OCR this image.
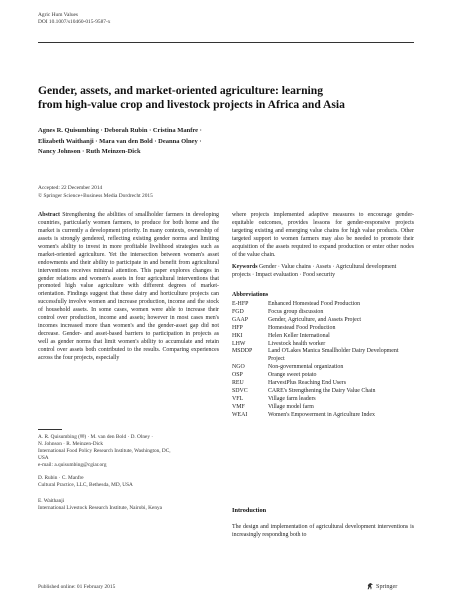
Agric Hum Values
DOI 10.1007/s10460-015-9587-x
Gender, assets, and market-oriented agriculture: learning
from high-value crop and livestock projects in Africa and Asia
Agnes R. Quisumbing · Deborah Rubin · Cristina Manfre ·
Elizabeth Waithanji · Mara van den Bold · Deanna Olney ·
Nancy Johnson · Ruth Meinzen-Dick
Accepted: 22 December 2014
© Springer Science+Business Media Dordrecht 2015
Abstract Strengthening the abilities of smallholder farmers in developing countries, particularly women farmers, to produce for both home and the market is currently a development priority. In many contexts, ownership of assets is strongly gendered, reflecting existing gender norms and limiting women's ability to invest in more profitable livelihood strategies such as market-oriented agriculture. Yet the intersection between women's asset endowments and their ability to participate in and benefit from agricultural interventions receives minimal attention. This paper explores changes in gender relations and women's assets in four agricultural interventions that promoted high value agriculture with different degrees of market-orientation. Findings suggest that these dairy and horticulture projects can successfully involve women and increase production, income and the stock of household assets. In some cases, women were able to increase their control over production, income and assets; however in most cases men's incomes increased more than women's and the gender-asset gap did not decrease. Gender- and asset-based barriers to participation in projects as well as gender norms that limit women's ability to accumulate and retain control over assets both contributed to the results. Comparing experiences across the four projects, especially
where projects implemented adaptive measures to encourage gender-equitable outcomes, provides lessons for gender-responsive projects targeting existing and emerging value chains for high value products. Other targeted support to women farmers may also be needed to promote their acquisition of the assets required to expand production or enter other nodes of the value chain.
Keywords Gender · Value chains · Assets · Agricultural development projects · Impact evaluation · Food security
Abbreviations
E-HFP	Enhanced Homestead Food Production
FGD	Focus group discussion
GAAP	Gender, Agriculture, and Assets Project
HFP	Homestead Food Production
HKI	Helen Keller International
LHW	Livestock health worker
MSDDP	Land O'Lakes Manica Smallholder Dairy Development Project
NGO	Non-governmental organization
OSP	Orange sweet potato
REU	HarvestPlus Reaching End Users
SDVC	CARE's Strengthening the Dairy Value Chain
VFL	Village farm leaders
VMF	Village model farm
WEAI	Women's Empowerment in Agriculture Index
A. R. Quisumbing (✉) · M. van den Bold · D. Olney ·
N. Johnson · R. Meinzen-Dick
International Food Policy Research Institute, Washington, DC,
USA
e-mail: a.quisumbing@cgiar.org
D. Rubin · C. Manfre
Cultural Practice, LLC, Bethesda, MD, USA
E. Waithanji
International Livestock Research Institute, Nairobi, Kenya	Introduction
The design and implementation of agricultural development interventions is increasingly responding both to
Published online: 01 February 2015	Springer
